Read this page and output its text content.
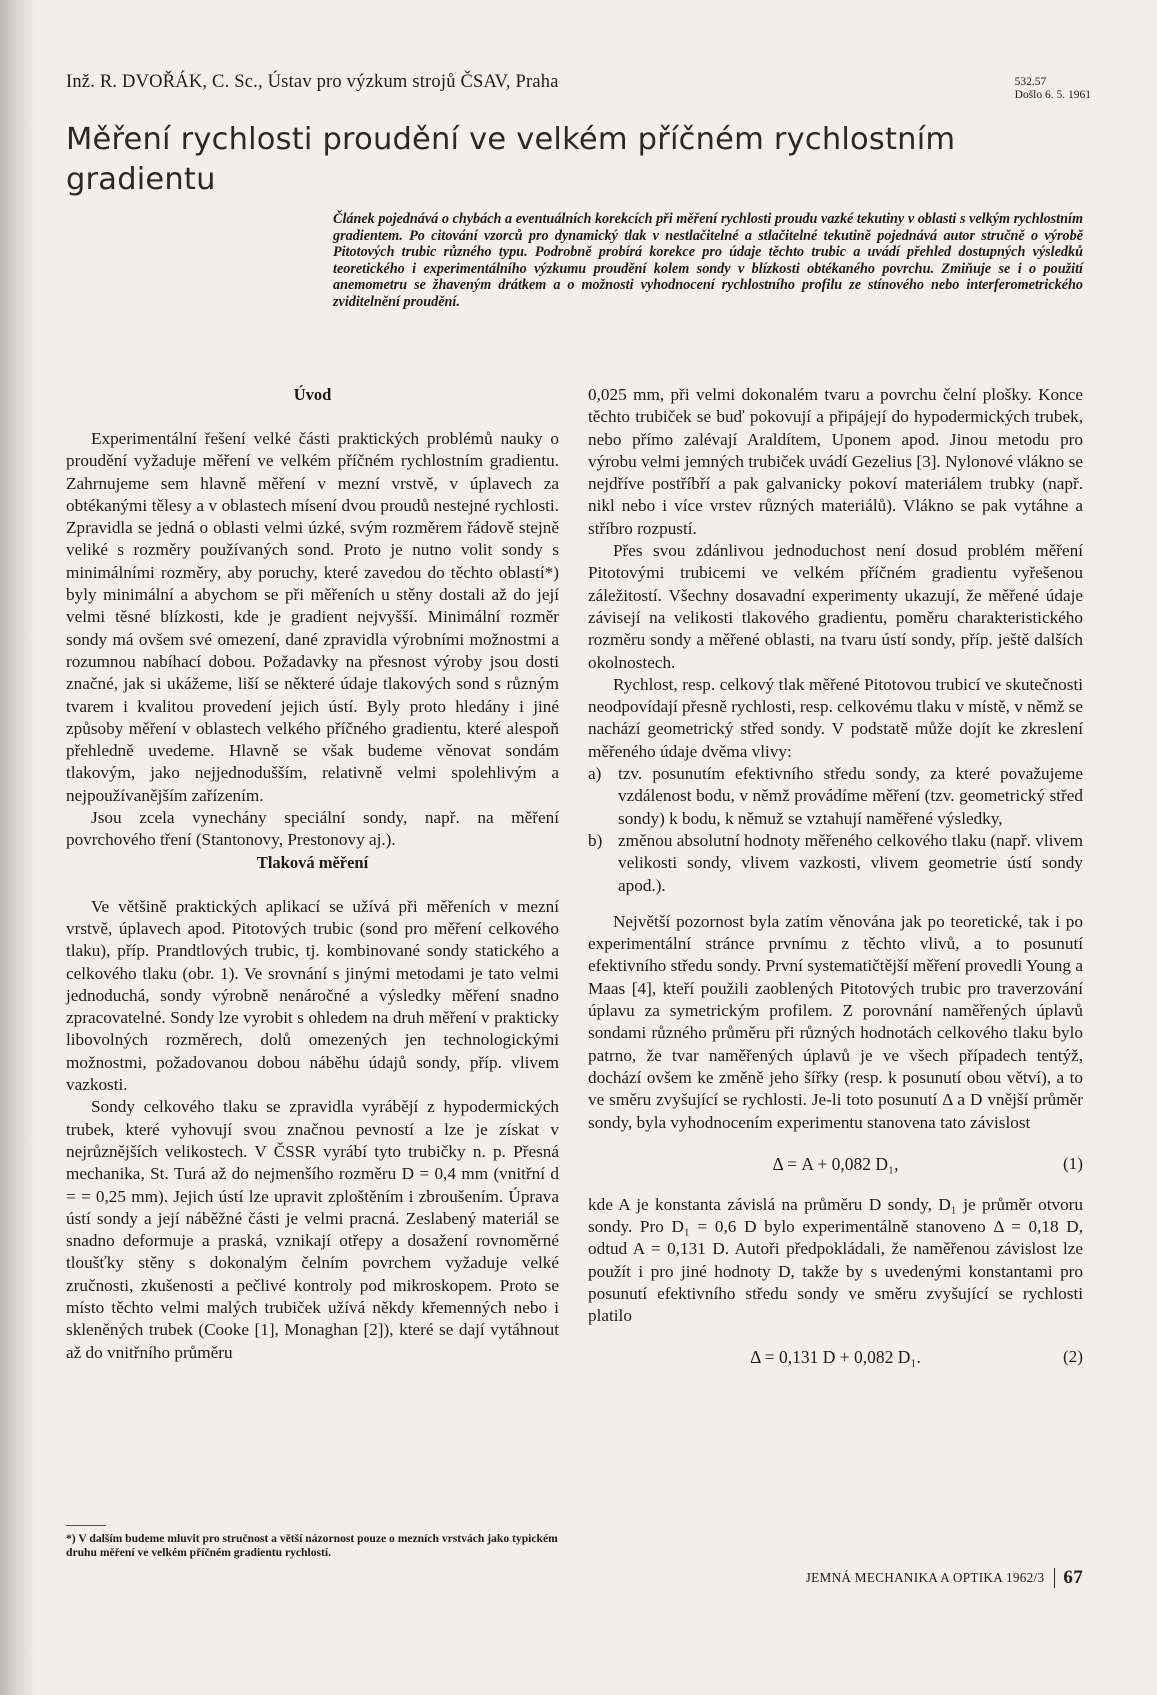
Inž. R. DVOŘÁK, C. Sc., Ústav pro výzkum strojů ČSAV, Praha	532.57
Došlo 6. 5. 1961
Měření rychlosti proudění ve velkém příčném rychlostním gradientu

Článek pojednává o chybách a eventuálních korekcích při měření rychlosti proudu vazké tekutiny v oblasti s velkým rychlostním gradientem. Po citování vzorců pro dynamický tlak v nestlačitelné a stlačitelné tekutině pojednává autor stručně o výrobě Pitotových trubic různého typu. Podrobně probírá korekce pro údaje těchto trubic a uvádí přehled dostupných výsledků teoretického i experimentálního výzkumu proudění kolem sondy v blízkosti obtékaného povrchu. Zmiňuje se i o použití anemometru se žhaveným drátkem a o možnosti vyhodnocení rychlostního profilu ze stínového nebo interferometrického zviditelnění proudění.

Úvod

Experimentální řešení velké části praktických problémů nauky o proudění vyžaduje měření ve velkém příčném rychlostním gradientu. Zahrnujeme sem hlavně měření v mezní vrstvě, v úplavech za obtékanými tělesy a v oblastech mísení dvou proudů nestejné rychlosti. Zpravidla se jedná o oblasti velmi úzké, svým rozměrem řádově stejně veliké s rozměry používaných sond. Proto je nutno volit sondy s minimálními rozměry, aby poruchy, které zavedou do těchto oblastí*) byly minimální a abychom se při měřeních u stěny dostali až do její velmi těsné blízkosti, kde je gradient nejvyšší. Minimální rozměr sondy má ovšem své omezení, dané zpravidla výrobními možnostmi a rozumnou nabíhací dobou. Požadavky na přesnost výroby jsou dosti značné, jak si ukážeme, liší se některé údaje tlakových sond s různým tvarem i kvalitou provedení jejich ústí. Byly proto hledány i jiné způsoby měření v oblastech velkého příčného gradientu, které alespoň přehledně uvedeme. Hlavně se však budeme věnovat sondám tlakovým, jako nejjednodušším, relativně velmi spolehlivým a nejpoužívanějším zařízením.

Jsou zcela vynechány speciální sondy, např. na měření povrchového tření (Stantonovy, Prestonovy aj.).

Tlaková měření

Ve většině praktických aplikací se užívá při měřeních v mezní vrstvě, úplavech apod. Pitotových trubic (sond pro měření celkového tlaku), příp. Prandtlových trubic, tj. kombinované sondy statického a celkového tlaku (obr. 1). Ve srovnání s jinými metodami je tato velmi jednoduchá, sondy výrobně nenáročné a výsledky měření snadno zpracovatelné. Sondy lze vyrobit s ohledem na druh měření v prakticky libovolných rozměrech, dolů omezených jen technologickými možnostmi, požadovanou dobou náběhu údajů sondy, příp. vlivem vazkosti.

Sondy celkového tlaku se zpravidla vyrábějí z hypodermických trubek, které vyhovují svou značnou pevností a lze je získat v nejrůznějších velikostech. V ČSSR vyrábí tyto trubičky n. p. Přesná mechanika, St. Turá až do nejmenšího rozměru D = 0,4 mm (vnitřní d = = 0,25 mm). Jejich ústí lze upravit zploštěním i zbroušením. Úprava ústí sondy a její náběžné části je velmi pracná. Zeslabený materiál se snadno deformuje a praská, vznikají otřepy a dosažení rovnoměrné tloušťky stěny s dokonalým čelním povrchem vyžaduje velké zručnosti, zkušenosti a pečlivé kontroly pod mikroskopem. Proto se místo těchto velmi malých trubiček užívá někdy křemenných nebo i skleněných trubek (Cooke [1], Monaghan [2]), které se dají vytáhnout až do vnitřního průměru

0,025 mm, při velmi dokonalém tvaru a povrchu čelní plošky. Konce těchto trubiček se buď pokovují a připájejí do hypodermických trubek, nebo přímo zalévají Araldítem, Uponem apod. Jinou metodu pro výrobu velmi jemných trubiček uvádí Gezelius [3]. Nylonové vlákno se nejdříve postříbří a pak galvanicky pokoví materiálem trubky (např. nikl nebo i více vrstev různých materiálů). Vlákno se pak vytáhne a stříbro rozpustí.

Přes svou zdánlivou jednoduchost není dosud problém měření Pitotovými trubicemi ve velkém příčném gradientu vyřešenou záležitostí. Všechny dosavadní experimenty ukazují, že měřené údaje závisejí na velikosti tlakového gradientu, poměru charakteristického rozměru sondy a měřené oblasti, na tvaru ústí sondy, příp. ještě dalších okolnostech.

Rychlost, resp. celkový tlak měřené Pitotovou trubicí ve skutečnosti neodpovídají přesně rychlosti, resp. celkovému tlaku v místě, v němž se nachází geometrický střed sondy. V podstatě může dojít ke zkreslení měřeného údaje dvěma vlivy:

a) tzv. posunutím efektivního středu sondy, za které považujeme vzdálenost bodu, v němž provádíme měření (tzv. geometrický střed sondy) k bodu, k němuž se vztahují naměřené výsledky,
b) změnou absolutní hodnoty měřeného celkového tlaku (např. vlivem velikosti sondy, vlivem vazkosti, vlivem geometrie ústí sondy apod.).

Největší pozornost byla zatím věnována jak po teoretické, tak i po experimentální stránce prvnímu z těchto vlivů, a to posunutí efektivního středu sondy. První systematičtější měření provedli Young a Maas [4], kteří použili zaoblených Pitotových trubic pro traverzování úplavu za symetrickým profilem. Z porovnání naměřených úplavů sondami různého průměru při různých hodnotách celkového tlaku bylo patrno, že tvar naměřených úplavů je ve všech případech tentýž, dochází ovšem ke změně jeho šířky (resp. k posunutí obou větví), a to ve směru zvyšující se rychlosti. Je-li toto posunutí Δ a D vnější průměr sondy, byla vyhodnocením experimentu stanovena tato závislost

Δ = A + 0,082 D₁,	(1)

kde A je konstanta závislá na průměru D sondy, D₁ je průměr otvoru sondy. Pro D₁ = 0,6 D bylo experimentálně stanoveno Δ = 0,18 D, odtud A = 0,131 D. Autoři předpokládali, že naměřenou závislost lze použít i pro jiné hodnoty D, takže by s uvedenými konstantami pro posunutí efektivního středu sondy ve směru zvyšující se rychlosti platilo

Δ = 0,131 D + 0,082 D₁.	(2)
*) V dalším budeme mluvit pro stručnost a větší názornost pouze o mezních vrstvách jako typickém druhu měření ve velkém příčném gradientu rychlostí.
JEMNÁ MECHANIKA A OPTIKA 1962/3 67
